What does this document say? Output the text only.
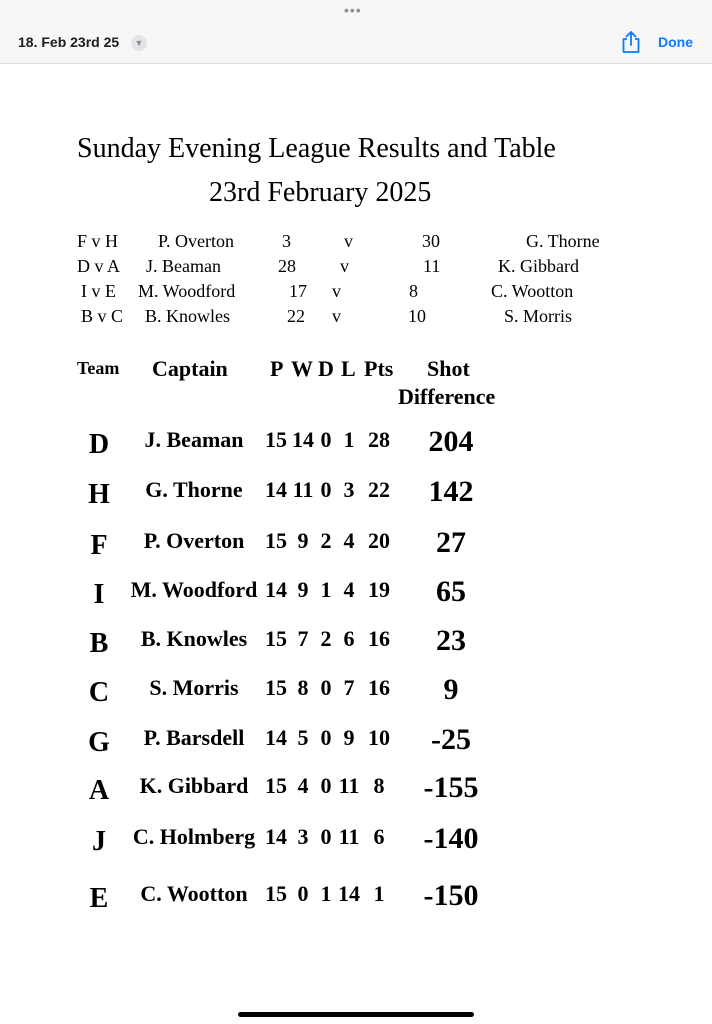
•••
18. Feb 23rd 25	▼	Done
Sunday Evening League Results and Table
23rd February 2025
F v H P. Overton	3	v	30	G. Thorne
D v A J. Beaman	28 v	11	K. Gibbard
I v E M. Woodford	17 v	8	C. Wootton
B v C B. Knowles	22 v	10	S. Morris
Team Captain P W D L Pts Shot
Difference
D	J. Beaman 15 14 0 1 28	204
H	G. Thorne	14 11 0 3 22	142
F	P. Overton 15 9 2 4 20	27
I	M. Woodford 14 9 1 4 19	65
B	B. Knowles 15 7 2 6 16	23
C	S. Morris	15 8 0 7 16	9
G	P. Barsdell 14 5 0 9 10	-25
A	K. Gibbard 15 4 0 11 8	-155
J	C. Holmberg 14 3 0 11 6	-140
E	C. Wootton 15 0 1 14 1	-150
